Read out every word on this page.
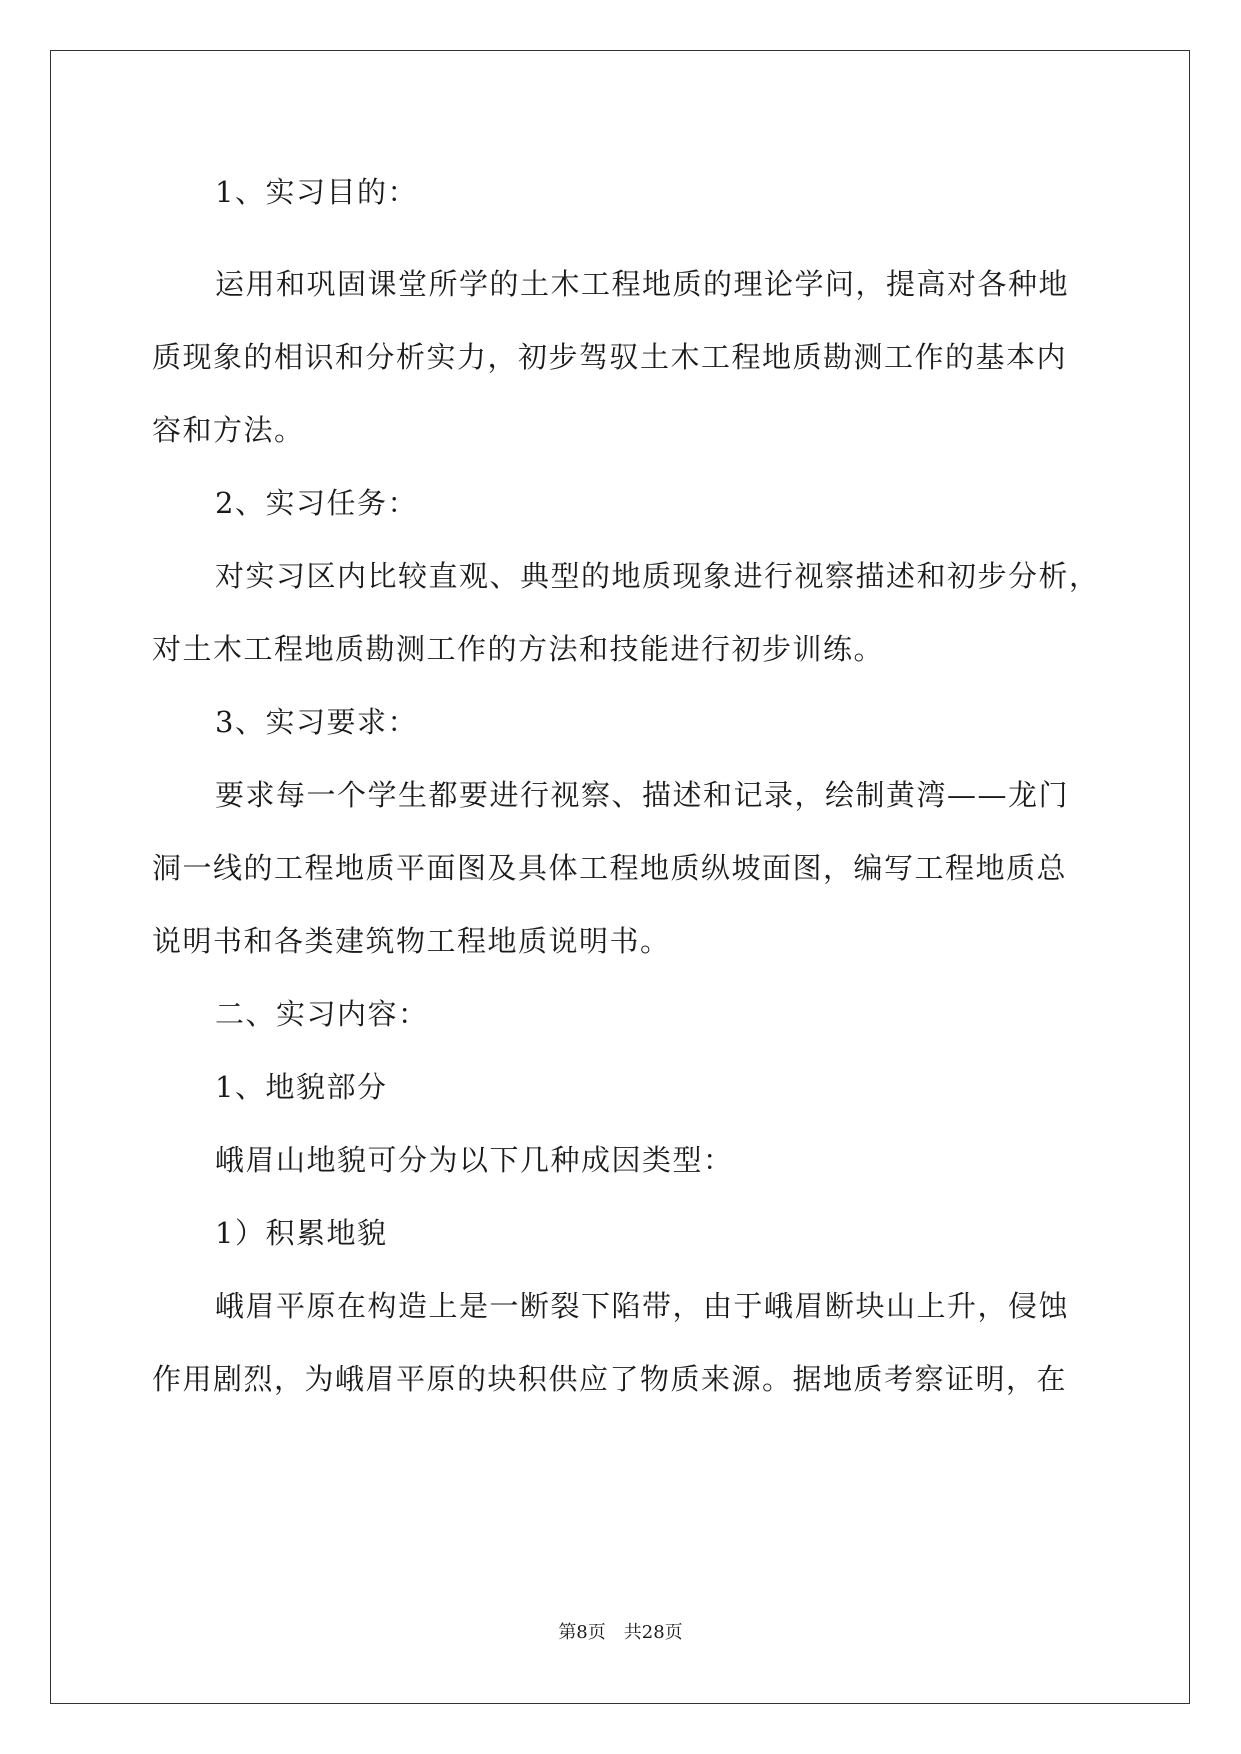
1、实习目的：
运用和巩固课堂所学的土木工程地质的理论学问，提高对各种地
质现象的相识和分析实力，初步驾驭土木工程地质勘测工作的基本内
容和方法。
2、实习任务：
对实习区内比较直观、典型的地质现象进行视察描述和初步分析，
对土木工程地质勘测工作的方法和技能进行初步训练。
3、实习要求：
要求每一个学生都要进行视察、描述和记录，绘制黄湾——龙门
洞一线的工程地质平面图及具体工程地质纵坡面图，编写工程地质总
说明书和各类建筑物工程地质说明书。
二、实习内容：
1、地貌部分
峨眉山地貌可分为以下几种成因类型：
1）积累地貌
峨眉平原在构造上是一断裂下陷带，由于峨眉断块山上升，侵蚀
作用剧烈，为峨眉平原的块积供应了物质来源。据地质考察证明，在
第8页　共28页
